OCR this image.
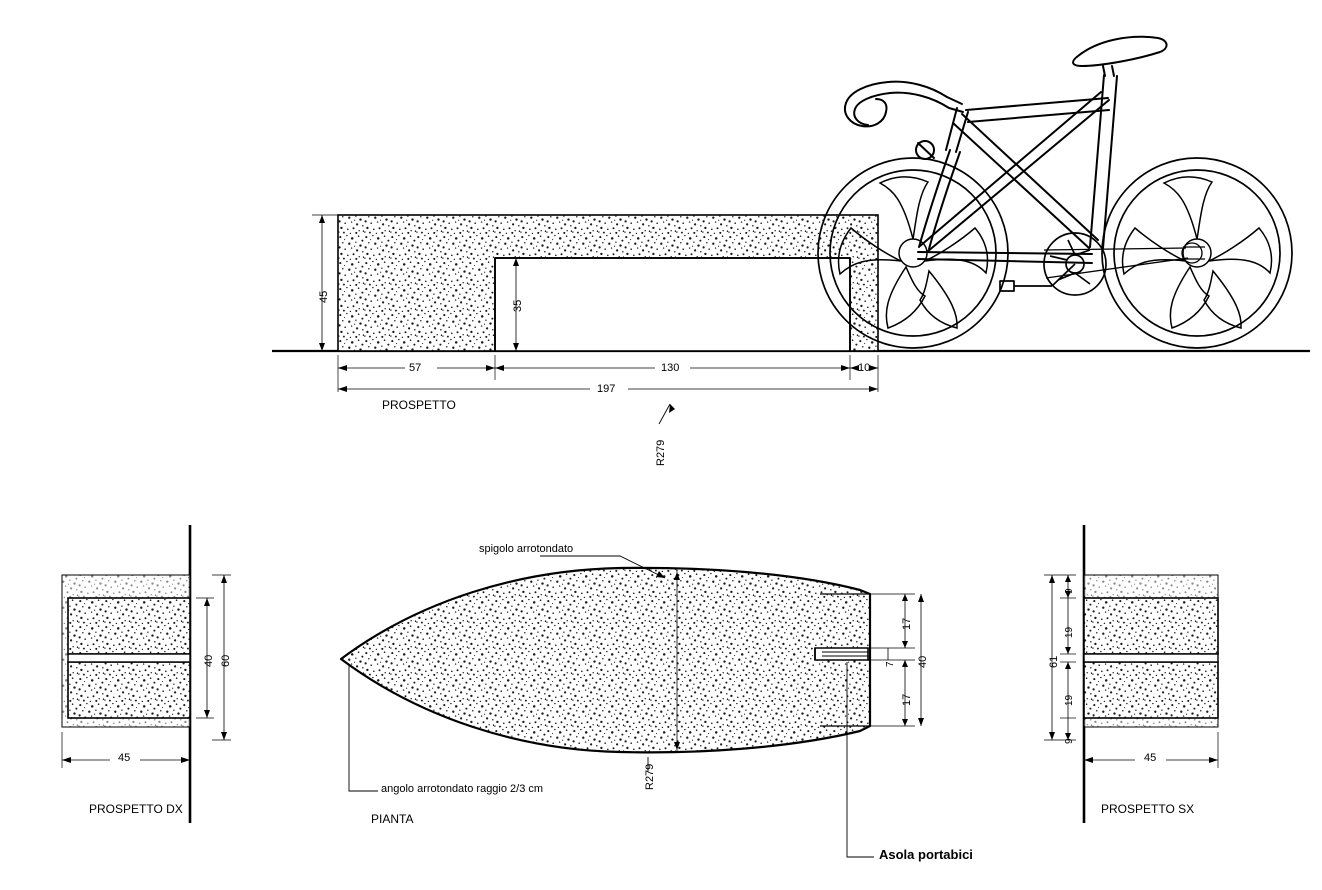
45
35
57	130	10
197
PROSPETTO
R279
40 60
45
PROSPETTO DX
9
19
61
19
9
45
PROSPETTO SX
spigolo arrotondato
angolo arrotondato raggio 2/3 cm
PIANTA
R279
17
7 40
17
Asola portabici
